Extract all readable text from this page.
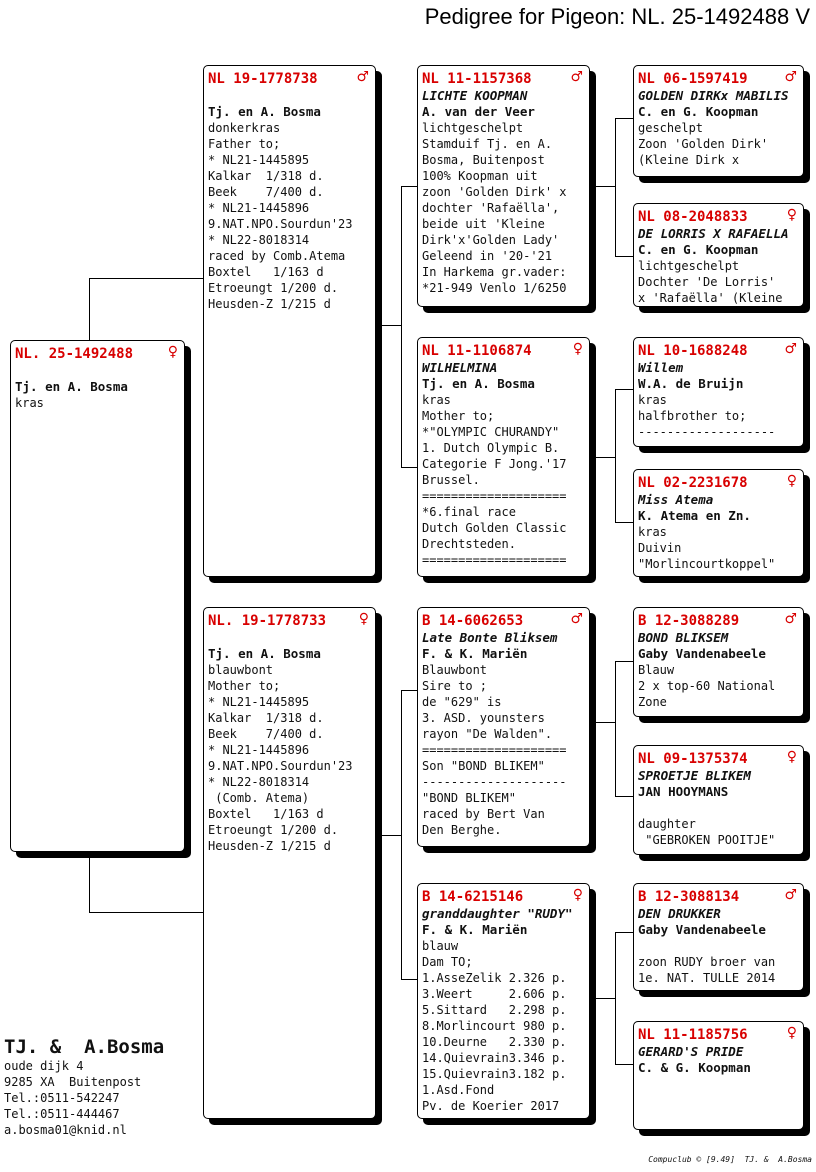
Pedigree for Pigeon: NL. 25-1492488 V
NL. 25-1492488 ♀
Tj. en A. Bosma
kras
NL 19-1778738	♂
Tj. en A. Bosma
donkerkras
Father to;
* NL21-1445895
Kalkar  1/318 d.
Beek    7/400 d.
* NL21-1445896
9.NAT.NPO.Sourdun'23
* NL22-8018314
raced by Comb.Atema
Boxtel   1/163 d
Etroeungt 1/200 d.
Heusden-Z 1/215 d
NL. 19-1778733 ♀
Tj. en A. Bosma
blauwbont
Mother to;
* NL21-1445895
Kalkar  1/318 d.
Beek    7/400 d.
* NL21-1445896
9.NAT.NPO.Sourdun'23
* NL22-8018314
(Comb. Atema)
Boxtel   1/163 d
Etroeungt 1/200 d.
Heusden-Z 1/215 d
NL 11-1157368	♂
LICHTE KOOPMAN
A. van der Veer
lichtgeschelpt
Stamduif Tj. en A.
Bosma, Buitenpost
100% Koopman uit
zoon 'Golden Dirk' x
dochter 'Rafaëlla',
beide uit 'Kleine
Dirk'x'Golden Lady'
Geleend in '20-'21
In Harkema gr.vader:
*21-949 Venlo 1/6250
NL 11-1106874	♀
WILHELMINA
Tj. en A. Bosma
kras
Mother to;
*"OLYMPIC CHURANDY"
1. Dutch Olympic B.
Categorie F Jong.'17
Brussel.
====================
*6.final race
Dutch Golden Classic
Drechtsteden.
====================
B 14-6062653	♂
Late Bonte Bliksem
F. & K. Mariën
Blauwbont
Sire to ;
de "629" is
3. ASD. younsters
rayon "De Walden".
====================
Son "BOND BLIKEM"
--------------------
"BOND BLIKEM"
raced by Bert Van
Den Berghe.
B 14-6215146	♀
granddaughter "RUDY"
F. & K. Mariën
blauw
Dam TO;
1.AsseZelik 2.326 p.
3.Weert     2.606 p.
5.Sittard   2.298 p.
8.Morlincourt 980 p.
10.Deurne   2.330 p.
14.Quievrain3.346 p.
15.Quievrain3.182 p.
1.Asd.Fond
Pv. de Koerier 2017
NL 06-1597419	♂
GOLDEN DIRKx MABILIS
C. en G. Koopman
geschelpt
Zoon 'Golden Dirk'
(Kleine Dirk x
NL 08-2048833	♀
DE LORRIS X RAFAELLA
C. en G. Koopman
lichtgeschelpt
Dochter 'De Lorris'
x 'Rafaëlla' (Kleine
NL 10-1688248	♂
Willem
W.A. de Bruijn
kras
halfbrother to;
-------------------
NL 02-2231678	♀
Miss Atema
K. Atema en Zn.
kras
Duivin
"Morlincourtkoppel"
B 12-3088289	♂
BOND BLIKSEM
Gaby Vandenabeele
Blauw
2 x top-60 National
Zone
NL 09-1375374	♀
SPROETJE BLIKEM
JAN HOOYMANS
daughter
"GEBROKEN POOITJE"
B 12-3088134	♂
DEN DRUKKER
Gaby Vandenabeele
zoon RUDY broer van
1e. NAT. TULLE 2014
NL 11-1185756	♀
GERARD'S PRIDE
C. & G. Koopman
TJ. &  A.Bosma
oude dijk 4
9285 XA  Buitenpost
Tel.:0511-542247
Tel.:0511-444467
a.bosma01@knid.nl
Compuclub © [9.49]  TJ. &  A.Bosma
